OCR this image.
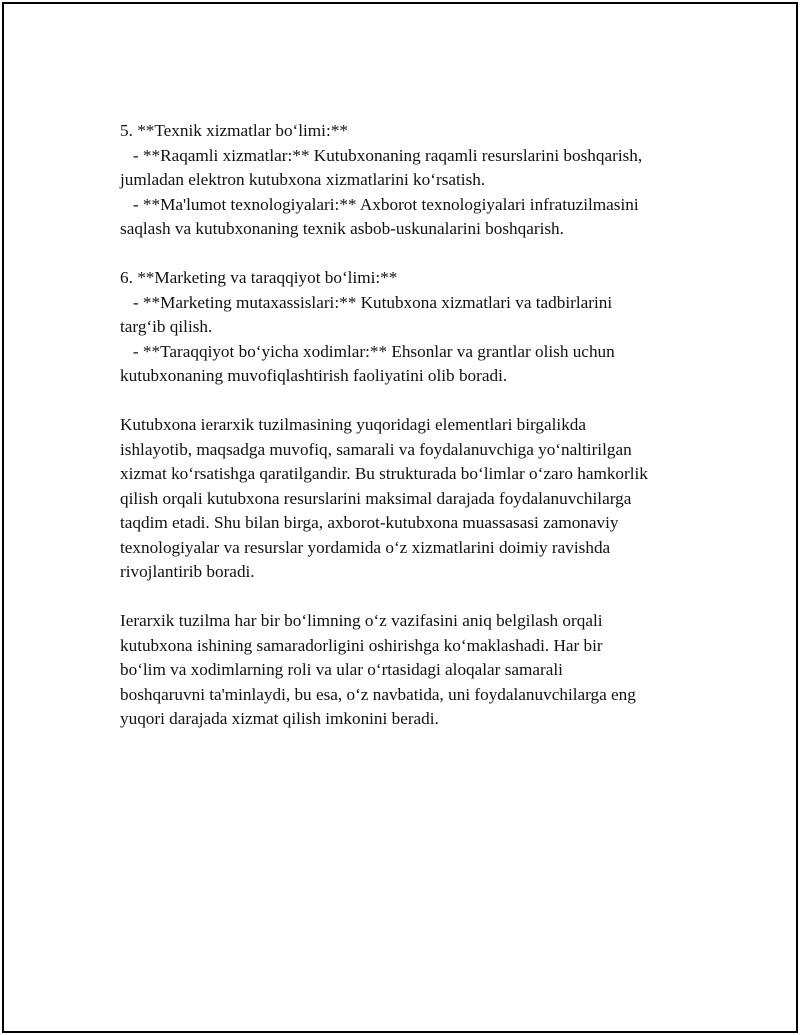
5. **Texnik xizmatlar bo‘limi:**
- **Raqamli xizmatlar:** Kutubxonaning raqamli resurslarini boshqarish,
jumladan elektron kutubxona xizmatlarini ko‘rsatish.
- **Ma'lumot texnologiyalari:** Axborot texnologiyalari infratuzilmasini
saqlash va kutubxonaning texnik asbob-uskunalarini boshqarish.
6. **Marketing va taraqqiyot bo‘limi:**
- **Marketing mutaxassislari:** Kutubxona xizmatlari va tadbirlarini
targ‘ib qilish.
- **Taraqqiyot bo‘yicha xodimlar:** Ehsonlar va grantlar olish uchun
kutubxonaning muvofiqlashtirish faoliyatini olib boradi.
Kutubxona ierarxik tuzilmasining yuqoridagi elementlari birgalikda
ishlayotib, maqsadga muvofiq, samarali va foydalanuvchiga yo‘naltirilgan
xizmat ko‘rsatishga qaratilgandir. Bu strukturada bo‘limlar o‘zaro hamkorlik
qilish orqali kutubxona resurslarini maksimal darajada foydalanuvchilarga
taqdim etadi. Shu bilan birga, axborot-kutubxona muassasasi zamonaviy
texnologiyalar va resurslar yordamida o‘z xizmatlarini doimiy ravishda
rivojlantirib boradi.
Ierarxik tuzilma har bir bo‘limning o‘z vazifasini aniq belgilash orqali
kutubxona ishining samaradorligini oshirishga ko‘maklashadi. Har bir
bo‘lim va xodimlarning roli va ular o‘rtasidagi aloqalar samarali
boshqaruvni ta'minlaydi, bu esa, o‘z navbatida, uni foydalanuvchilarga eng
yuqori darajada xizmat qilish imkonini beradi.
